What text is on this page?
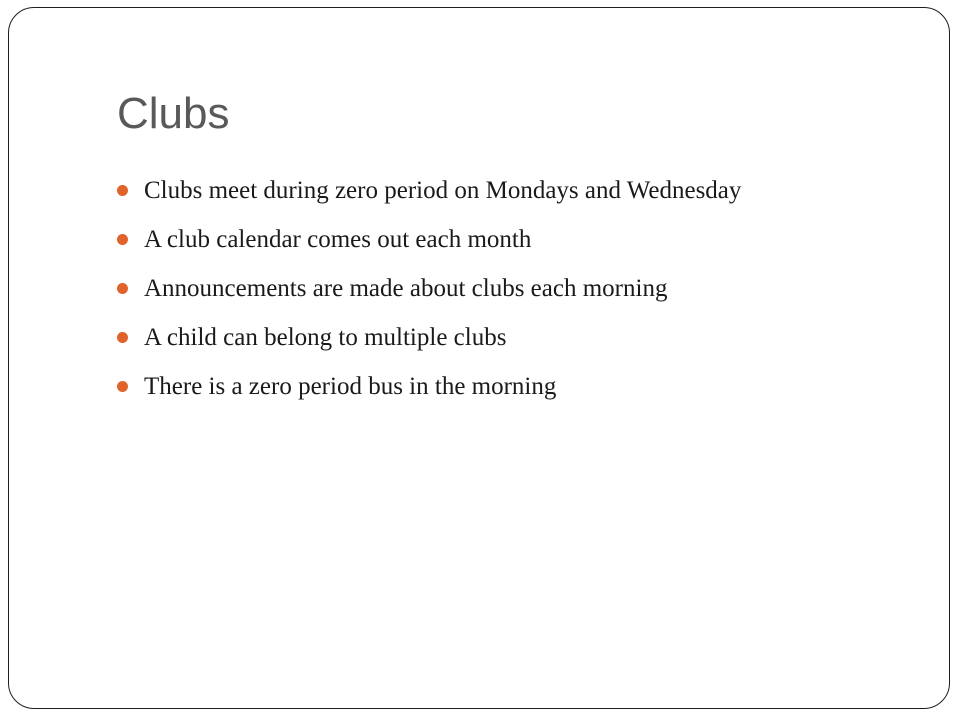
Clubs
Clubs meet during zero period on Mondays and Wednesday
A club calendar comes out each month
Announcements are made about clubs each morning
A child can belong to multiple clubs
There is a zero period bus in the morning
